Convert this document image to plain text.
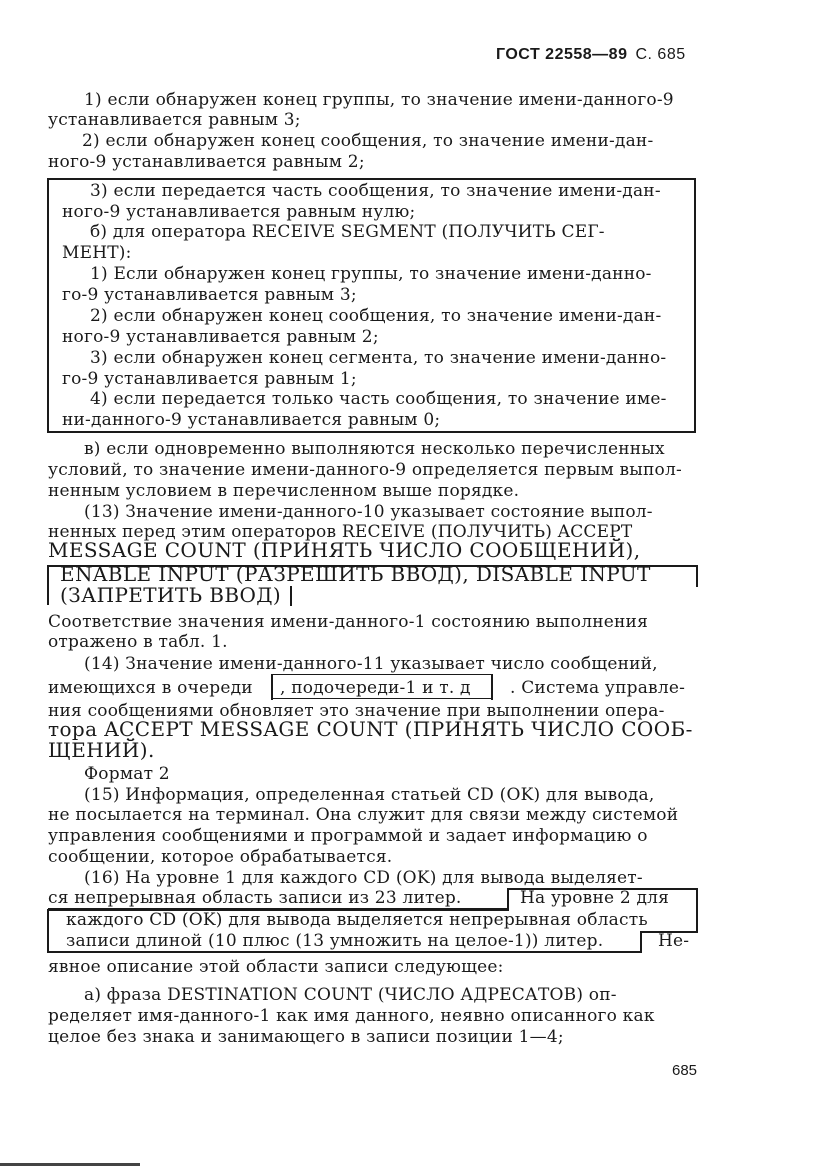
ГОСТ 22558—89 С. 685
1) если обнаружен конец группы, то значение имени-данного-9
устанавливается равным 3;
2) если обнаружен конец сообщения, то значение имени-дан-
ного-9 устанавливается равным 2;
3) если передается часть сообщения, то значение имени-дан-
ного-9 устанавливается равным нулю;
б) для оператора RECEIVE SEGMENT (ПОЛУЧИТЬ СЕГ-
МЕНТ):
1) Если обнаружен конец группы, то значение имени-данно-
го-9 устанавливается равным 3;
2) если обнаружен конец сообщения, то значение имени-дан-
ного-9 устанавливается равным 2;
3) если обнаружен конец сегмента, то значение имени-данно-
го-9 устанавливается равным 1;
4) если передается только часть сообщения, то значение име-
ни-данного-9 устанавливается равным 0;
в) если одновременно выполняются несколько перечисленных
условий, то значение имени-данного-9 определяется первым выпол-
ненным условием в перечисленном выше порядке.
(13) Значение имени-данного-10 указывает состояние выпол-
ненных перед этим операторов RECEIVE (ПОЛУЧИТЬ) ACCEPT
MESSAGE COUNT (ПРИНЯТЬ ЧИСЛО СООБЩЕНИЙ),
ENABLE INPUT (РАЗРЕШИТЬ ВВОД), DISABLE INPUT
(ЗАПРЕТИТЬ ВВОД)
Соответствие значения имени-данного-1 состоянию выполнения
отражено в табл. 1.
(14) Значение имени-данного-11 указывает число сообщений,
имеющихся в очереди , подочереди-1 и т. д . Система управле-
ния сообщениями обновляет это значение при выполнении опера-
тора ACCEPT MESSAGE COUNT (ПРИНЯТЬ ЧИСЛО СООБ-
ЩЕНИЙ).
Формат 2
(15) Информация, определенная статьей CD (OK) для вывода,
не посылается на терминал. Она служит для связи между системой
управления сообщениями и программой и задает информацию о
сообщении, которое обрабатывается.
(16) На уровне 1 для каждого CD (OK) для вывода выделяет-
ся непрерывная область записи из 23 литер.	На уровне 2 для
каждого CD (OK) для вывода выделяется непрерывная область
записи длиной (10 плюс (13 умножить на целое-1)) литер.	Не-
явное описание этой области записи следующее:
а) фраза DESTINATION COUNT (ЧИСЛО АДРЕСАТОВ) оп-
ределяет имя-данного-1 как имя данного, неявно описанного как
целое без знака и занимающего в записи позиции 1—4;
685
